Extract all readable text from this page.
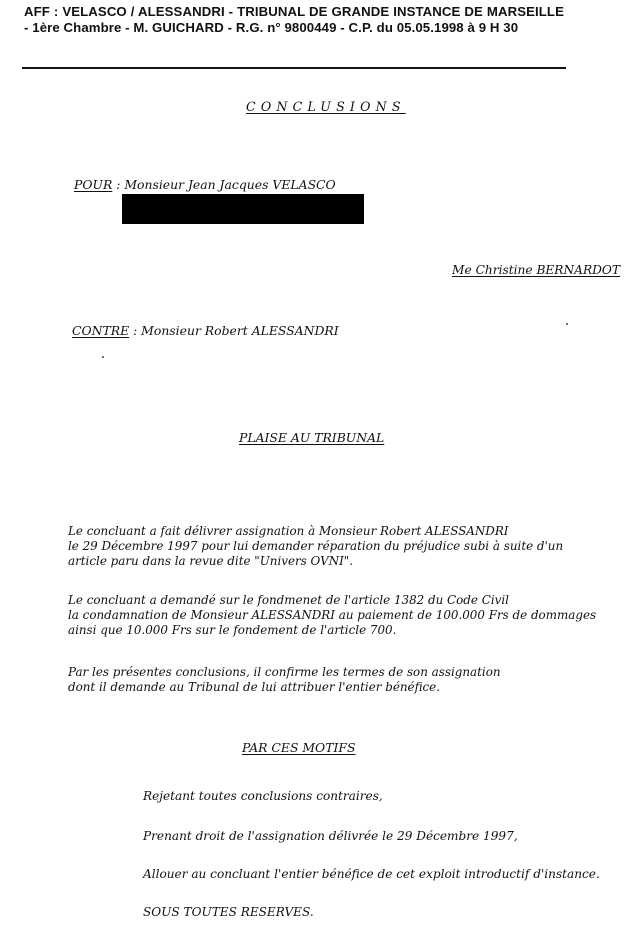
AFF : VELASCO / ALESSANDRI - TRIBUNAL DE GRANDE INSTANCE DE MARSEILLE - 1ère Chambre - M. GUICHARD - R.G. n° 9800449 - C.P. du 05.05.1998 à 9 H 30
CONCLUSIONS
POUR : Monsieur Jean Jacques VELASCO
Me Christine BERNARDOT
CONTRE : Monsieur Robert ALESSANDRI
PLAISE AU TRIBUNAL
Le concluant a fait délivrer assignation à Monsieur Robert ALESSANDRI
le 29 Décembre 1997 pour lui demander réparation du préjudice subi à suite d'un
article paru dans la revue dite "Univers OVNI".
Le concluant a demandé sur le fondmenet de l'article 1382 du Code Civil
la condamnation de Monsieur ALESSANDRI au paiement de 100.000 Frs de dommages
ainsi que 10.000 Frs sur le fondement de l'article 700.
Par les présentes conclusions, il confirme les termes de son assignation
dont il demande au Tribunal de lui attribuer l'entier bénéfice.
PAR CES MOTIFS
Rejetant toutes conclusions contraires,
Prenant droit de l'assignation délivrée le 29 Décembre 1997,
Allouer au concluant l'entier bénéfice de cet exploit introductif d'instance.
SOUS TOUTES RESERVES.
